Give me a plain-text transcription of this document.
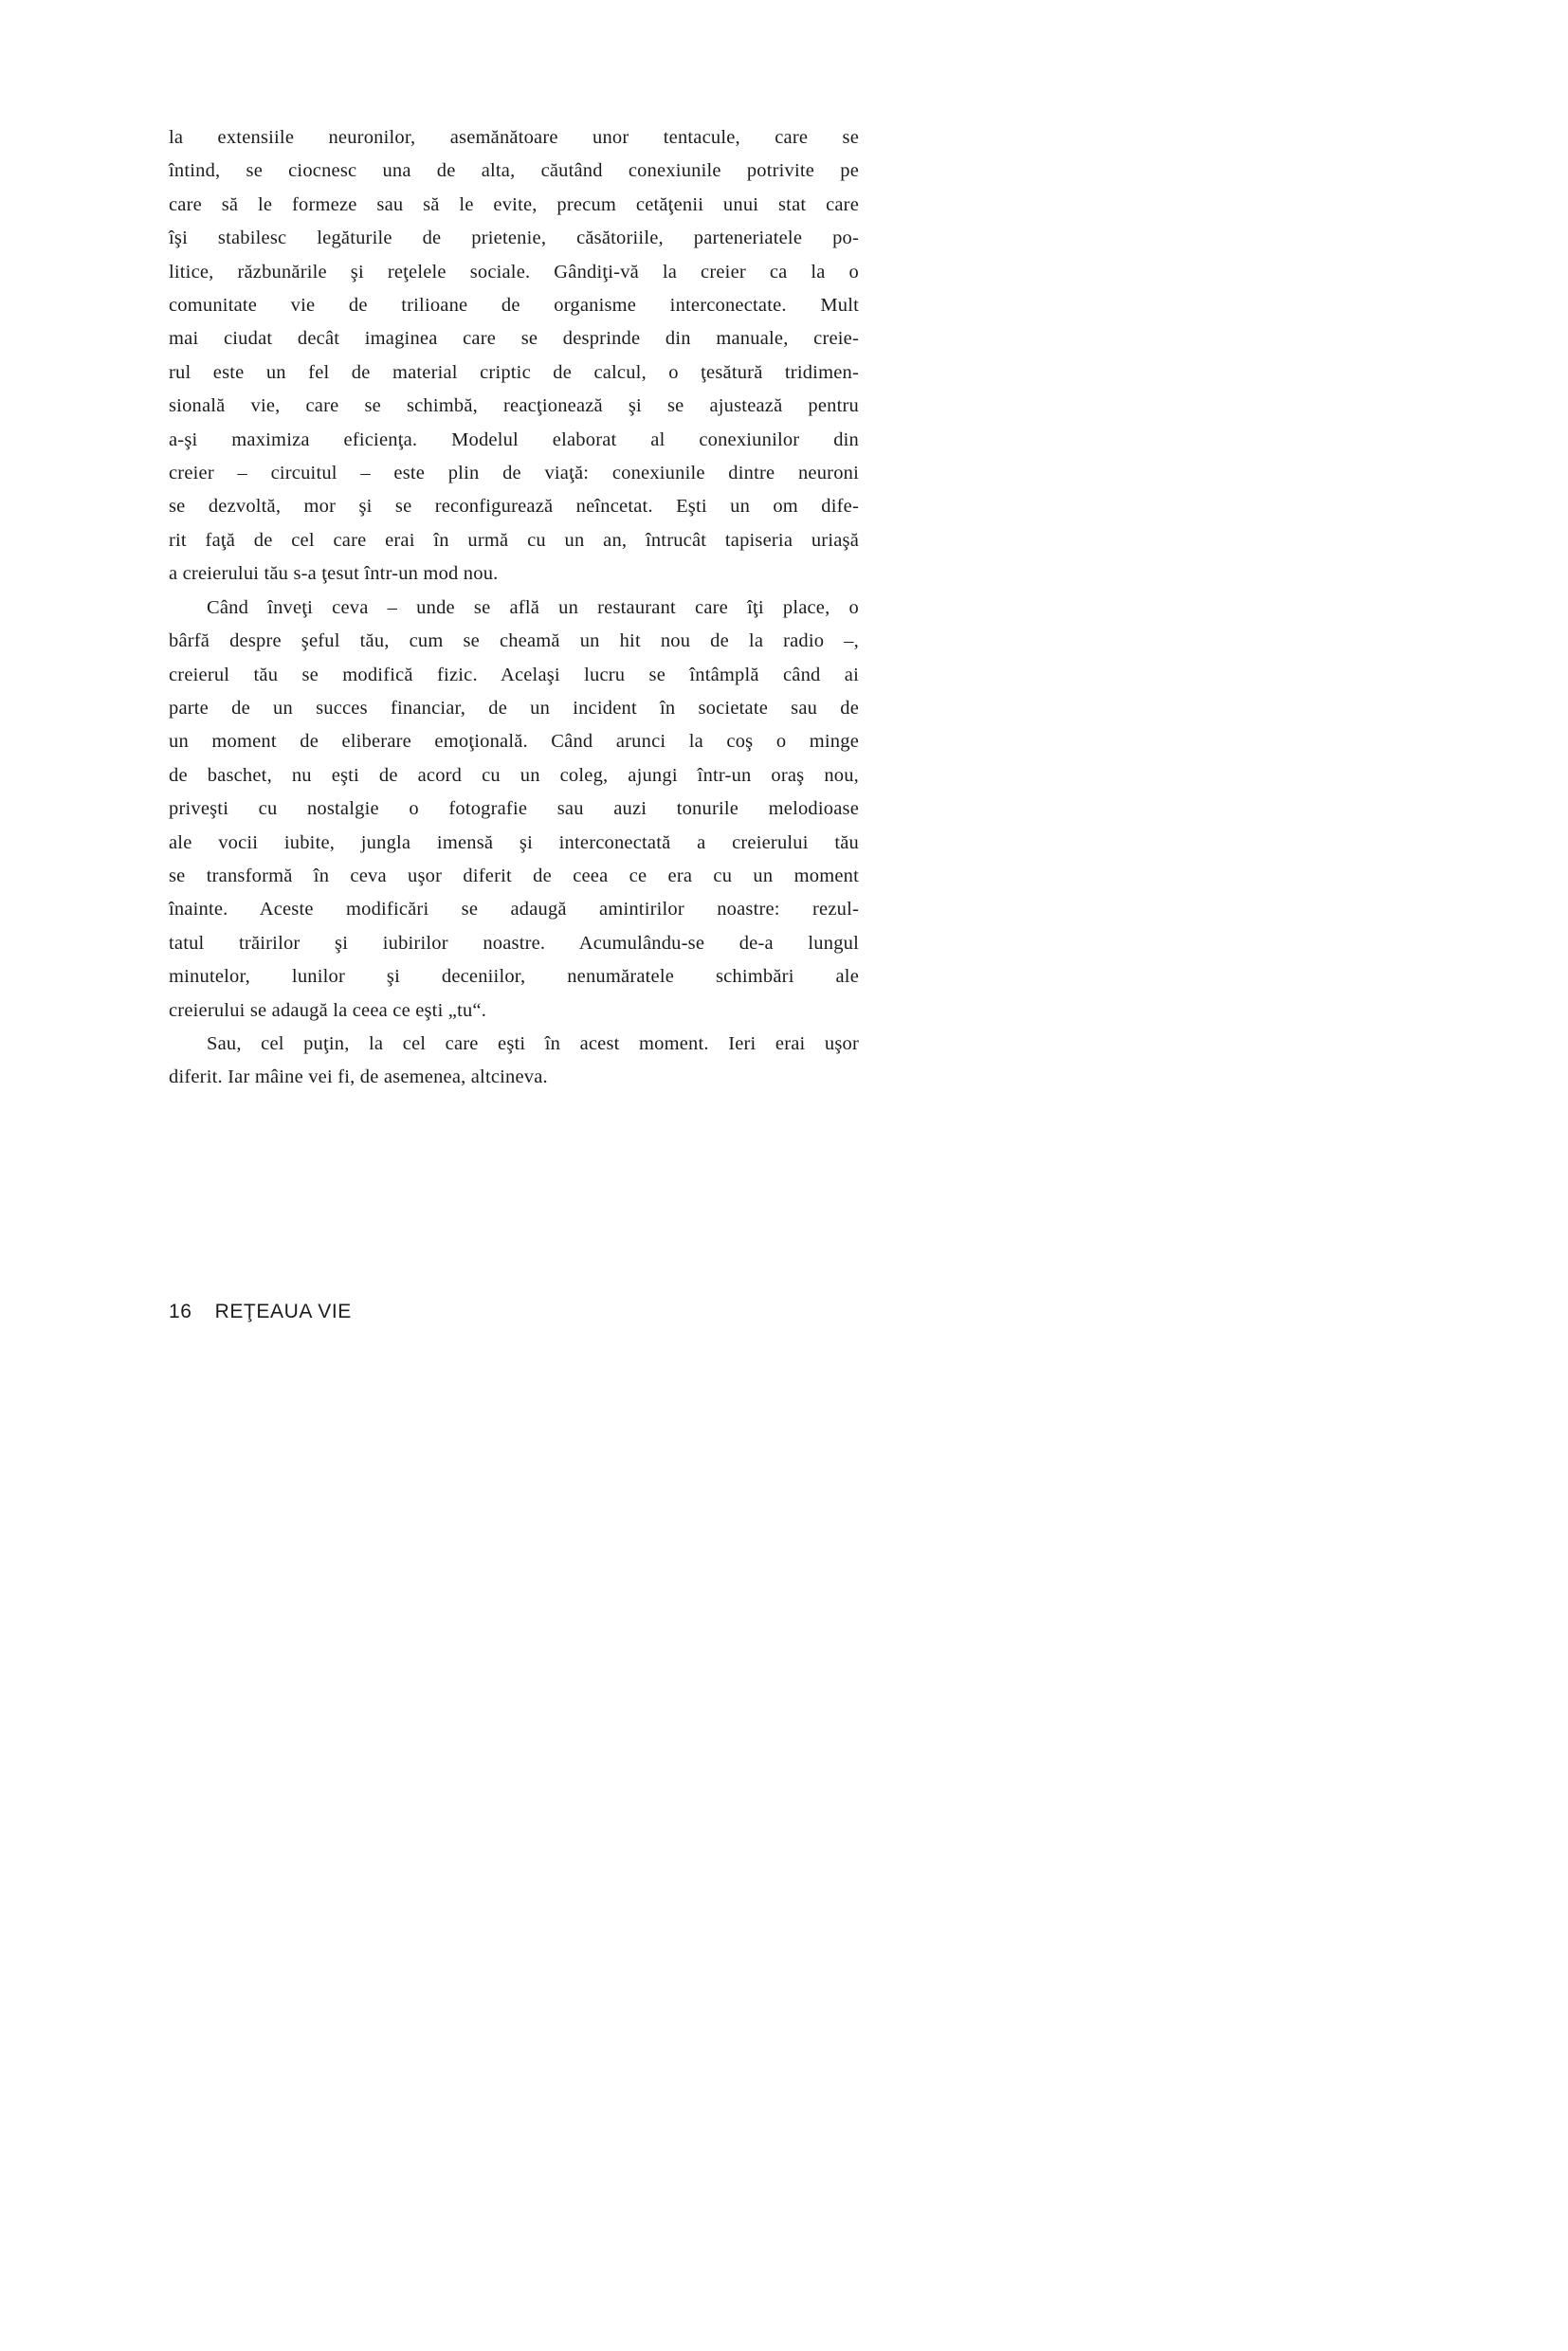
la extensiile neuronilor, asemănătoare unor tentacule, care se
întind, se ciocnesc una de alta, căutând conexiunile potrivite pe
care să le formeze sau să le evite, precum cetăţenii unui stat care
îşi stabilesc legăturile de prietenie, căsătoriile, parteneriatele po-
litice, răzbunările şi reţelele sociale. Gândiţi-vă la creier ca la o
comunitate vie de trilioane de organisme interconectate. Mult
mai ciudat decât imaginea care se desprinde din manuale, creie-
rul este un fel de material criptic de calcul, o ţesătură tridimen-
sională vie, care se schimbă, reacţionează şi se ajustează pentru
a-şi maximiza eficienţa. Modelul elaborat al conexiunilor din
creier – circuitul – este plin de viaţă: conexiunile dintre neuroni
se dezvoltă, mor şi se reconfigurează neîncetat. Eşti un om dife-
rit faţă de cel care erai în urmă cu un an, întrucât tapiseria uriaşă
a creierului tău s-a ţesut într-un mod nou.
Când înveţi ceva – unde se află un restaurant care îţi place, o
bârfă despre şeful tău, cum se cheamă un hit nou de la radio –,
creierul tău se modifică fizic. Acelaşi lucru se întâmplă când ai
parte de un succes financiar, de un incident în societate sau de
un moment de eliberare emoţională. Când arunci la coş o minge
de baschet, nu eşti de acord cu un coleg, ajungi într-un oraş nou,
priveşti cu nostalgie o fotografie sau auzi tonurile melodioase
ale vocii iubite, jungla imensă şi interconectată a creierului tău
se transformă în ceva uşor diferit de ceea ce era cu un moment
înainte. Aceste modificări se adaugă amintirilor noastre: rezul-
tatul trăirilor şi iubirilor noastre. Acumulându-se de-a lungul
minutelor, lunilor şi deceniilor, nenumăratele schimbări ale
creierului se adaugă la ceea ce eşti „tu“.
Sau, cel puţin, la cel care eşti în acest moment. Ieri erai uşor
diferit. Iar mâine vei fi, de asemenea, altcineva.
16 REŢEAUA VIE
